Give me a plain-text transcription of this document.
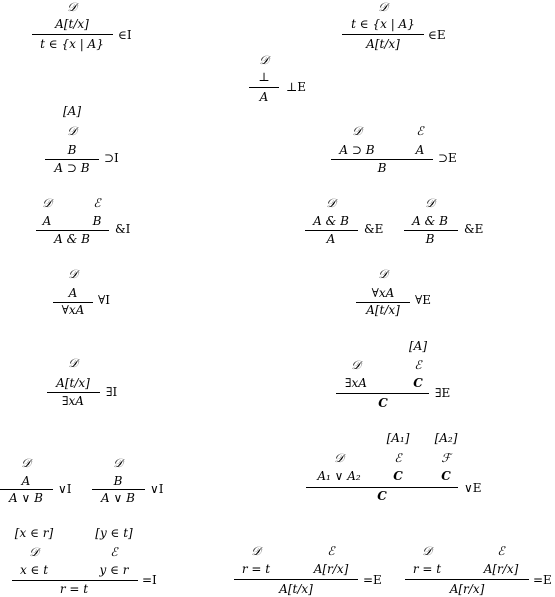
𝒟
A[t/x]
t ∈ {x | A}
∈I
𝒟
t ∈ {x | A}
A[t/x]
∈E
𝒟
⊥
A
⊥E
[A]
𝒟
B
A ⊃ B
⊃I
𝒟	ℰ
A ⊃ B	A
B
⊃E
𝒟	ℰ
A	B
A & B
&I
𝒟
A & B
A
&E
𝒟
A & B
B
&E
𝒟
A
∀xA
∀I
𝒟
∀xA
A[t/x]
∀E
𝒟
A[t/x]
∃xA
∃I
[A]
𝒟	ℰ
∃xA	C
C
∃E
𝒟
A
A ∨ B
∨I
𝒟
B
A ∨ B
∨I
[A₁] [A₂]
𝒟	ℰ	ℱ
A₁ ∨ A₂	C	C
C
∨E
[x ∈ r]	[y ∈ t]
𝒟	ℰ
x ∈ t	y ∈ r
r = t
=I
𝒟	ℰ
r = t	A[r/x]
A[t/x]
=E
𝒟	ℰ
r = t	A[r/x]
A[r/x]
=E
